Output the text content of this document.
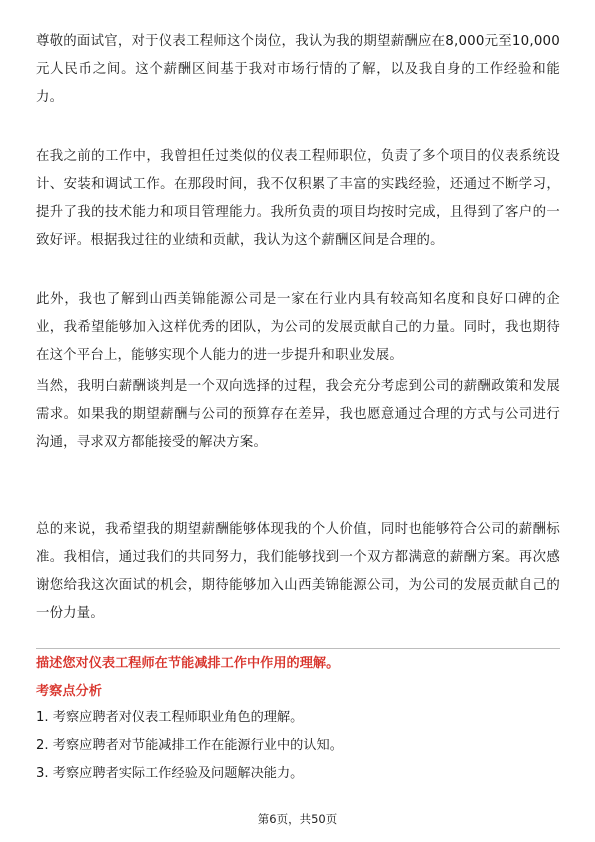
尊敬的面试官，对于仪表工程师这个岗位，我认为我的期望薪酬应在8,000元至10,000元人民币之间。这个薪酬区间基于我对市场行情的了解，以及我自身的工作经验和能力。

在我之前的工作中，我曾担任过类似的仪表工程师职位，负责了多个项目的仪表系统设计、安装和调试工作。在那段时间，我不仅积累了丰富的实践经验，还通过不断学习，提升了我的技术能力和项目管理能力。我所负责的项目均按时完成，且得到了客户的一致好评。根据我过往的业绩和贡献，我认为这个薪酬区间是合理的。

此外，我也了解到山西美锦能源公司是一家在行业内具有较高知名度和良好口碑的企业，我希望能够加入这样优秀的团队，为公司的发展贡献自己的力量。同时，我也期待在这个平台上，能够实现个人能力的进一步提升和职业发展。

当然，我明白薪酬谈判是一个双向选择的过程，我会充分考虑到公司的薪酬政策和发展需求。如果我的期望薪酬与公司的预算存在差异，我也愿意通过合理的方式与公司进行沟通，寻求双方都能接受的解决方案。

总的来说，我希望我的期望薪酬能够体现我的个人价值，同时也能够符合公司的薪酬标准。我相信，通过我们的共同努力，我们能够找到一个双方都满意的薪酬方案。再次感谢您给我这次面试的机会，期待能够加入山西美锦能源公司，为公司的发展贡献自己的一份力量。

描述您对仪表工程师在节能减排工作中作用的理解。

考察点分析

1. 考察应聘者对仪表工程师职业角色的理解。

2. 考察应聘者对节能减排工作在能源行业中的认知。

3. 考察应聘者实际工作经验及问题解决能力。

第6页，共50页
